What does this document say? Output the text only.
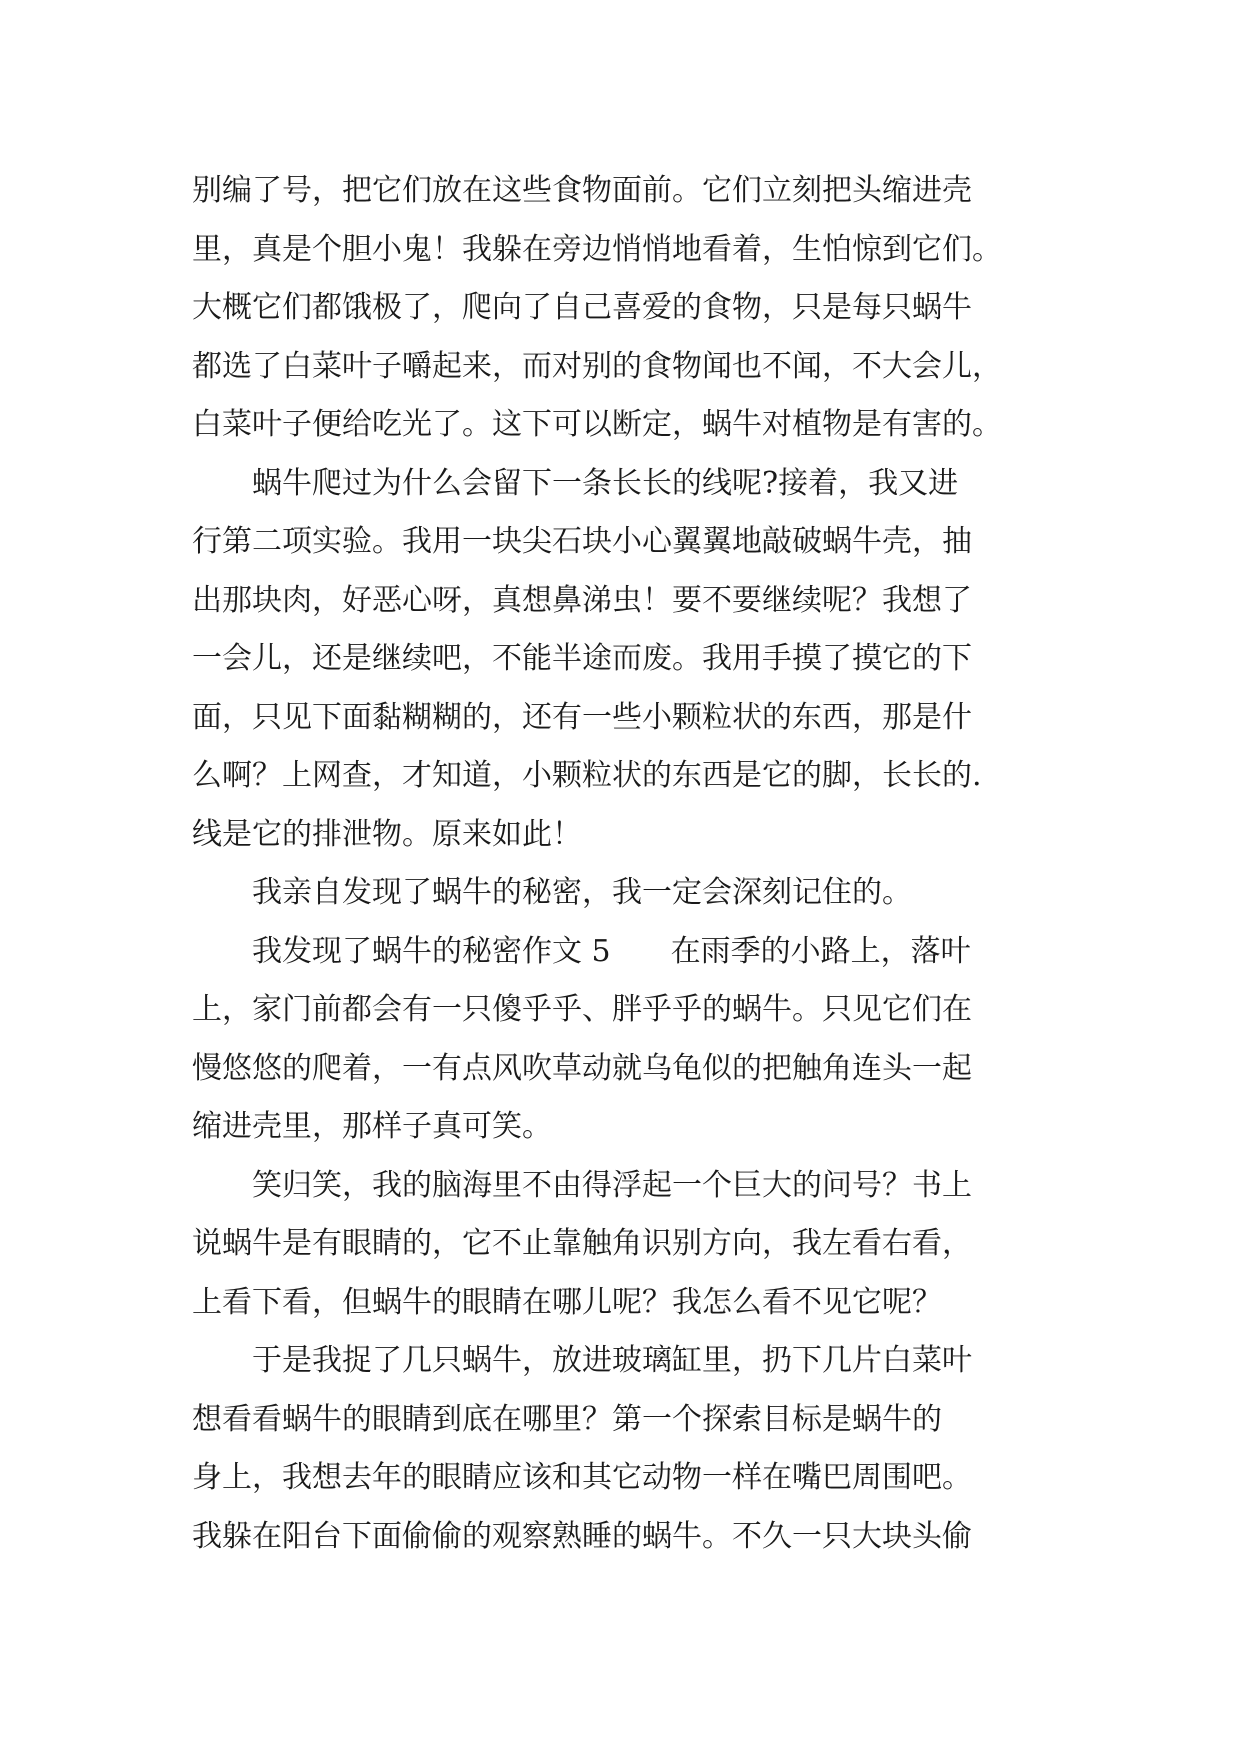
别编了号，把它们放在这些食物面前。它们立刻把头缩进壳
里，真是个胆小鬼！我躲在旁边悄悄地看着，生怕惊到它们。
大概它们都饿极了，爬向了自己喜爱的食物，只是每只蜗牛
都选了白菜叶子嚼起来，而对别的食物闻也不闻，不大会儿，
白菜叶子便给吃光了。这下可以断定，蜗牛对植物是有害的。
蜗牛爬过为什么会留下一条长长的线呢?接着，我又进
行第二项实验。我用一块尖石块小心翼翼地敲破蜗牛壳，抽
出那块肉，好恶心呀，真想鼻涕虫！要不要继续呢？我想了
一会儿，还是继续吧，不能半途而废。我用手摸了摸它的下
面，只见下面黏糊糊的，还有一些小颗粒状的东西，那是什
么啊？上网查，才知道，小颗粒状的东西是它的脚，长长的.
线是它的排泄物。原来如此！
我亲自发现了蜗牛的秘密，我一定会深刻记住的。
我发现了蜗牛的秘密作文 5　　在雨季的小路上，落叶
上，家门前都会有一只傻乎乎、胖乎乎的蜗牛。只见它们在
慢悠悠的爬着，一有点风吹草动就乌龟似的把触角连头一起
缩进壳里，那样子真可笑。
笑归笑，我的脑海里不由得浮起一个巨大的问号？书上
说蜗牛是有眼睛的，它不止靠触角识别方向，我左看右看，
上看下看，但蜗牛的眼睛在哪儿呢？我怎么看不见它呢？
于是我捉了几只蜗牛，放进玻璃缸里，扔下几片白菜叶
想看看蜗牛的眼睛到底在哪里？第一个探索目标是蜗牛的
身上，我想去年的眼睛应该和其它动物一样在嘴巴周围吧。
我躲在阳台下面偷偷的观察熟睡的蜗牛。不久一只大块头偷
